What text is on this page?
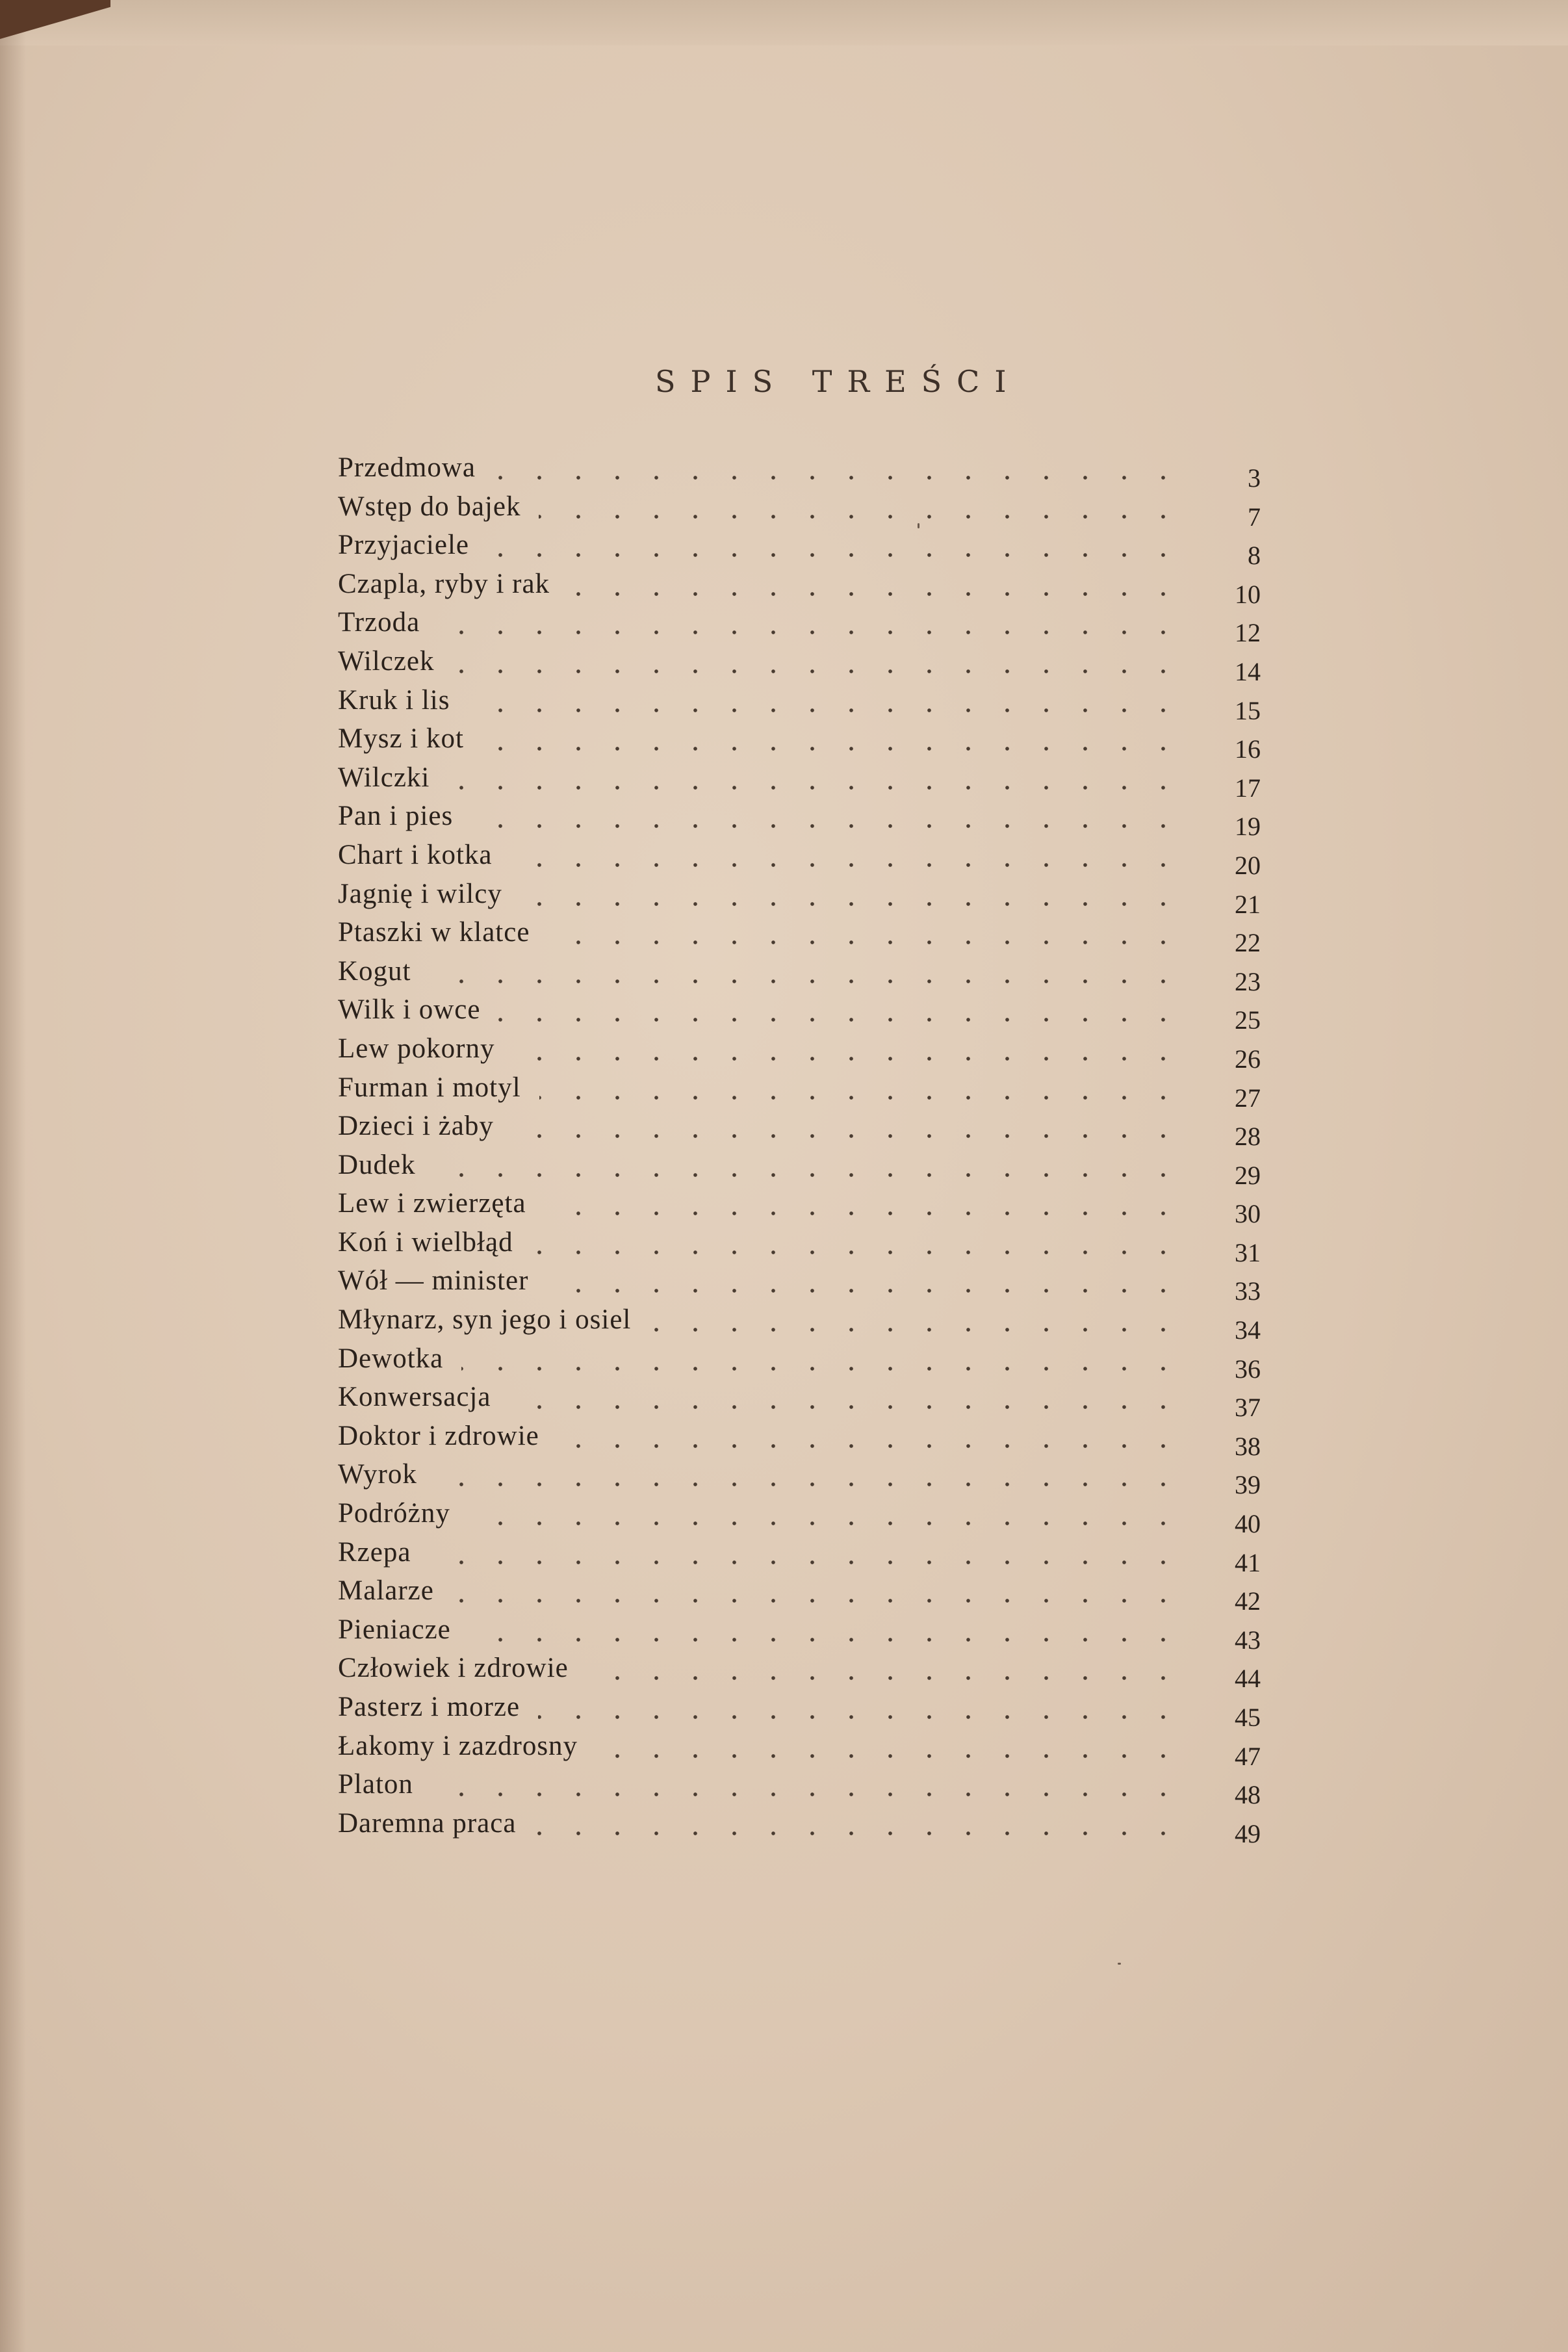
SPIS TREŚCI
Przedmowa	3
Wstęp do bajek	7
Przyjaciele	8
Czapla, ryby i rak	10
Trzoda	12
Wilczek	14
Kruk i lis	15
Mysz i kot	16
Wilczki	17
Pan i pies	19
Chart i kotka	20
Jagnię i wilcy	21
Ptaszki w klatce	22
Kogut	23
Wilk i owce	25
Lew pokorny	26
Furman i motyl	27
Dzieci i żaby	28
Dudek	29
Lew i zwierzęta	30
Koń i wielbłąd	31
Wół — minister	33
Młynarz, syn jego i osiel	34
Dewotka	36
Konwersacja	37
Doktor i zdrowie	38
Wyrok	39
Podróżny	40
Rzepa	41
Malarze	42
Pieniacze	43
Człowiek i zdrowie	44
Pasterz i morze	45
Łakomy i zazdrosny	47
Platon	48
Daremna praca	49
